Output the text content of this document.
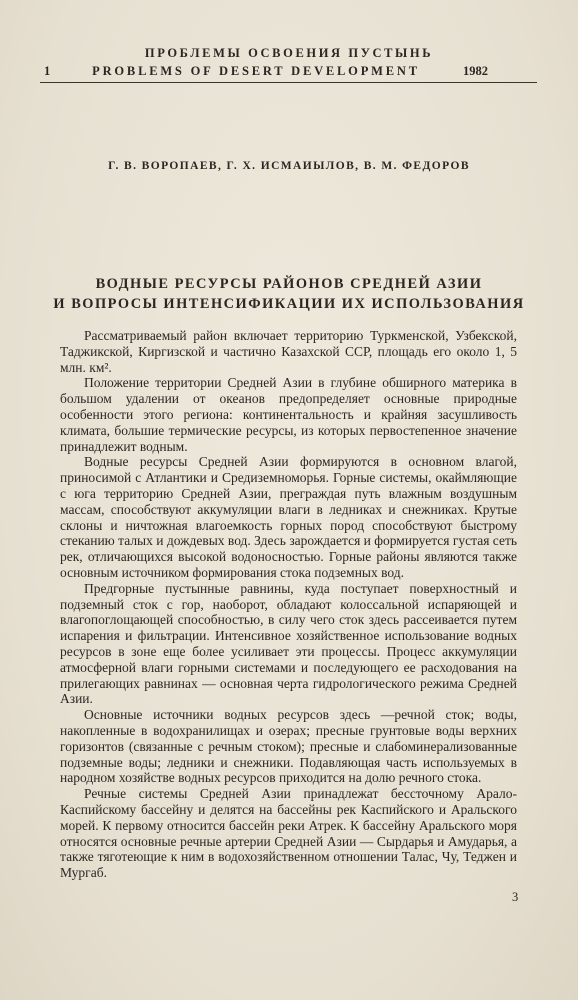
ПРОБЛЕМЫ ОСВОЕНИЯ ПУСТЫНЬ
1	PROBLEMS OF DESERT DEVELOPMENT	1982
Г. В. ВОРОПАЕВ, Г. Х. ИСМАИЫЛОВ, В. М. ФЕДОРОВ
ВОДНЫЕ РЕСУРСЫ РАЙОНОВ СРЕДНЕЙ АЗИИ
И ВОПРОСЫ ИНТЕНСИФИКАЦИИ ИХ ИСПОЛЬЗОВАНИЯ

Рассматриваемый район включает территорию Туркменской, Узбекской, Таджикской, Киргизской и частично Казахской ССР, площадь его около 1, 5 млн. км².

Положение территории Средней Азии в глубине обширного материка в большом удалении от океанов предопределяет основные природные особенности этого региона: континентальность и крайняя засушливость климата, большие термические ресурсы, из которых первостепенное значение принадлежит водным.

Водные ресурсы Средней Азии формируются в основном влагой, приносимой с Атлантики и Средиземноморья. Горные системы, окаймляющие с юга территорию Средней Азии, преграждая путь влажным воздушным массам, способствуют аккумуляции влаги в ледниках и снежниках. Крутые склоны и ничтожная влагоемкость горных пород способствуют быстрому стеканию талых и дождевых вод. Здесь зарождается и формируется густая сеть рек, отличающихся высокой водоносностью. Горные районы являются также основным источником формирования стока подземных вод.

Предгорные пустынные равнины, куда поступает поверхностный и подземный сток с гор, наоборот, обладают колоссальной испаряющей и влагопоглощающей способностью, в силу чего сток здесь рассеивается путем испарения и фильтрации. Интенсивное хозяйственное использование водных ресурсов в зоне еще более усиливает эти процессы. Процесс аккумуляции атмосферной влаги горными системами и последующего ее расходования на прилегающих равнинах — основная черта гидрологического режима Средней Азии.

Основные источники водных ресурсов здесь —речной сток; воды, накопленные в водохранилищах и озерах; пресные грунтовые воды верхних горизонтов (связанные с речным стоком); пресные и слабоминерализованные подземные воды; ледники и снежники. Подавляющая часть используемых в народном хозяйстве водных ресурсов приходится на долю речного стока.

Речные системы Средней Азии принадлежат бессточному Арало-Каспийскому бассейну и делятся на бассейны рек Каспийского и Аральского морей. К первому относится бассейн реки Атрек. К бассейну Аральского моря относятся основные речные артерии Средней Азии — Сырдарья и Амударья, а также тяготеющие к ним в водохозяйственном отношении Талас, Чу, Теджен и Мургаб.

3
